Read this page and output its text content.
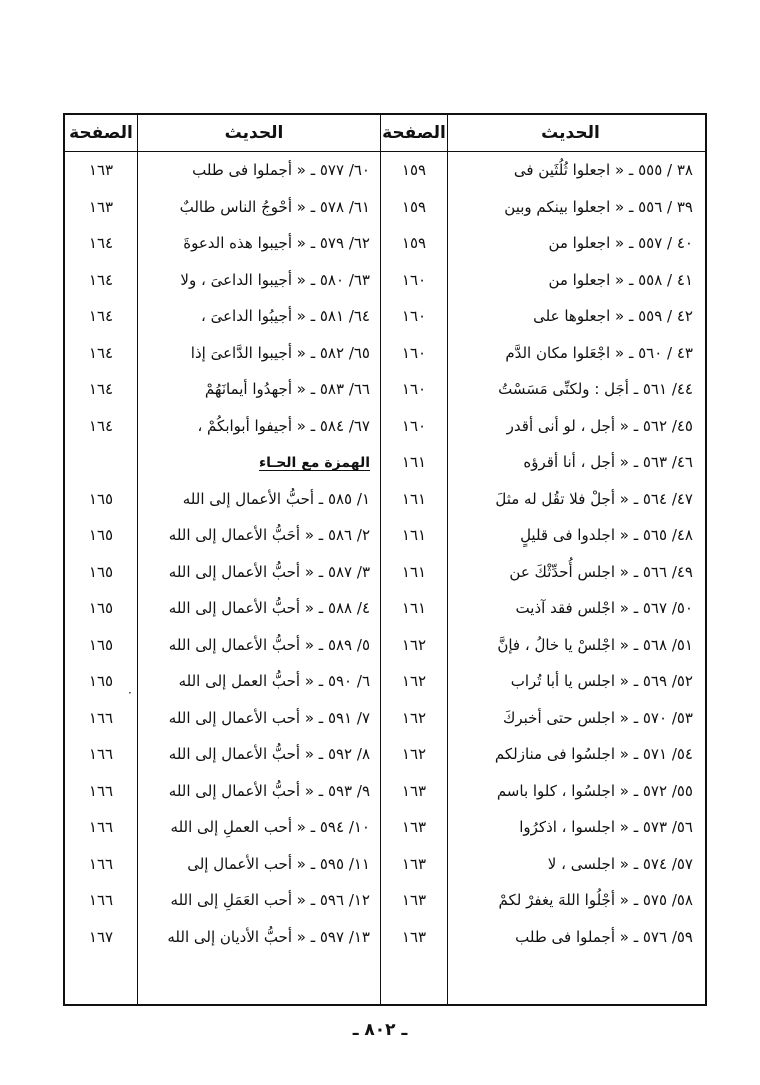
الصفحة	الحديث	الصفحة	الحديث
١٦٣	٦٠/ ٥٧٧ ـ « أجملوا فى طلب	١٥٩	٣٨ / ٥٥٥ ـ « اجعلوا ثُلُثَين فى
١٦٣	٦١/ ٥٧٨ ـ « أحْوجُ الناس طالبٌ	١٥٩	٣٩ / ٥٥٦ ـ « اجعلوا بينكم وبين
١٦٤	٦٢/ ٥٧٩ ـ « أجيبوا هذه الدعوةَ	١٥٩	٤٠ / ٥٥٧ ـ « اجعلوا من
١٦٤	٦٣/ ٥٨٠ ـ « أجيبوا الداعىَ ، ولا	١٦٠	٤١ / ٥٥٨ ـ « اجعلوا من
١٦٤	٦٤/ ٥٨١ ـ « أجيبُوا الداعىَ ،	١٦٠	٤٢ / ٥٥٩ ـ « اجعلوها على
١٦٤	٦٥/ ٥٨٢ ـ « أجيبوا الدَّاعىَ إذا	١٦٠	٤٣ / ٥٦٠ ـ « اجْعَلوا مكان الدَّم
١٦٤	٦٦/ ٥٨٣ ـ « أجهدُوا أيمانَهُمْ	١٦٠	٤٤/ ٥٦١ ـ أجَل : ولكنِّى مَسَسْتُ
١٦٤	٦٧/ ٥٨٤ ـ « أجيفوا أبوابكُمْ ،	١٦٠	٤٥/ ٥٦٢ ـ « أجل ، لو أنى أقدر
	الهمزة مع الحـاء	١٦١	٤٦/ ٥٦٣ ـ « أجل ، أنا أقرؤه
١٦٥	١/ ٥٨٥ ـ أحبُّ الأعمال إلى الله	١٦١	٤٧/ ٥٦٤ ـ « أجلْ فلا تقُل له مثلَ
١٦٥	٢/ ٥٨٦ ـ « أحَبُّ الأعمال إلى الله	١٦١	٤٨/ ٥٦٥ ـ « اجلدوا فى قليلٍ
١٦٥	٣/ ٥٨٧ ـ « أحبُّ الأعمال إلى الله	١٦١	٤٩/ ٥٦٦ ـ « اجلس أُحدِّثْكَ عن
١٦٥	٤/ ٥٨٨ ـ « أحبُّ الأعمال إلى الله	١٦١	٥٠/ ٥٦٧ ـ « اجْلس فقد آذيت
١٦٥	٥/ ٥٨٩ ـ « أحبُّ الأعمال إلى الله	١٦٢	٥١/ ٥٦٨ ـ « اجْلسْ يا خالُ ، فإنَّ
١٦٥	٦/ ٥٩٠ ـ « أحبُّ العمل إلى الله	١٦٢	٥٢/ ٥٦٩ ـ « اجلس يا أبا تُراب
١٦٦	٧/ ٥٩١ ـ « أحب الأعمال إلى الله	١٦٢	٥٣/ ٥٧٠ ـ « اجلس حتى أخبركَ
١٦٦	٨/ ٥٩٢ ـ « أحبُّ الأعمال إلى الله	١٦٢	٥٤/ ٥٧١ ـ « اجلسُوا فى منازلكم
١٦٦	٩/ ٥٩٣ ـ « أحبُّ الأعمال إلى الله	١٦٣	٥٥/ ٥٧٢ ـ « اجلسُوا ، كلوا باسم
١٦٦	١٠/ ٥٩٤ ـ « أحب العملِ إلى الله	١٦٣	٥٦/ ٥٧٣ ـ « اجلسوا ، اذكرُوا
١٦٦	١١/ ٥٩٥ ـ « أحب الأعمال إلى	١٦٣	٥٧/ ٥٧٤ ـ « اجلسى ، لا
١٦٦	١٢/ ٥٩٦ ـ « أحب العَمَلِ إلى الله	١٦٣	٥٨/ ٥٧٥ ـ « أجْلُوا اللهَ يغفرْ لكمْ
١٦٧	١٣/ ٥٩٧ ـ « أحبُّ الأديان إلى الله	١٦٣	٥٩/ ٥٧٦ ـ « أجملوا فى طلب

·
ـ ٨٠٢ ـ
